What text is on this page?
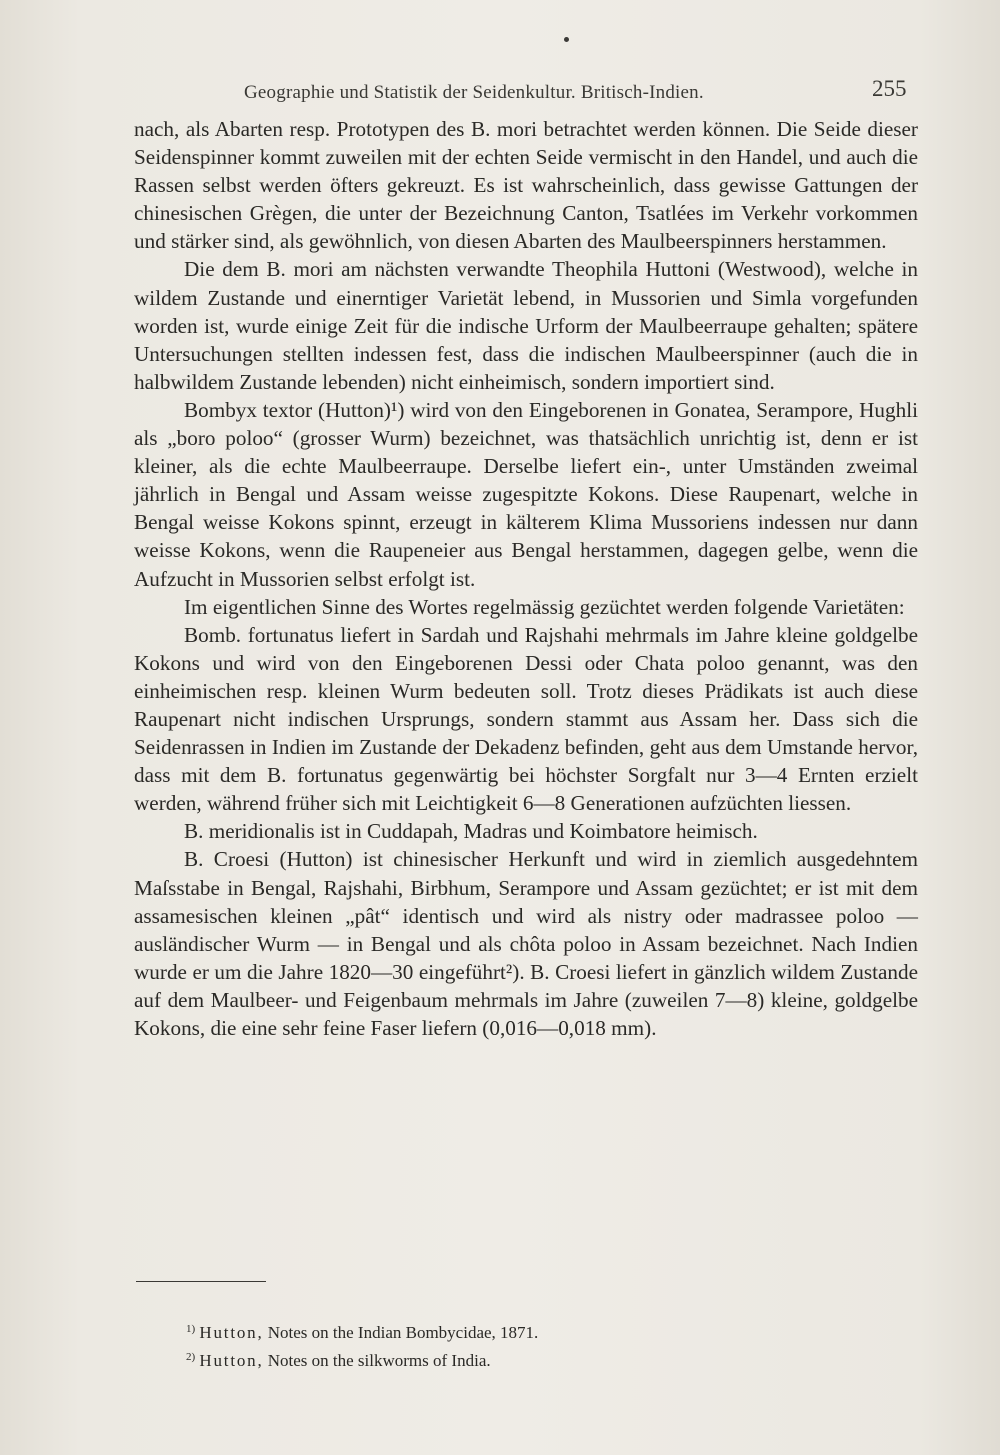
Geographie und Statistik der Seidenkultur. Britisch-Indien.	255

nach, als Abarten resp. Prototypen des B. mori betrachtet werden können. Die Seide dieser Seidenspinner kommt zuweilen mit der echten Seide vermischt in den Handel, und auch die Rassen selbst werden öfters gekreuzt. Es ist wahrscheinlich, dass gewisse Gattungen der chinesischen Grègen, die unter der Bezeichnung Canton, Tsatlées im Verkehr vorkommen und stärker sind, als gewöhnlich, von diesen Abarten des Maulbeerspinners herstammen.

Die dem B. mori am nächsten verwandte Theophila Huttoni (Westwood), welche in wildem Zustande und einerntiger Varietät lebend, in Mussorien und Simla vorgefunden worden ist, wurde einige Zeit für die indische Urform der Maulbeerraupe gehalten; spätere Untersuchungen stellten indessen fest, dass die indischen Maulbeerspinner (auch die in halbwildem Zustande lebenden) nicht einheimisch, sondern importiert sind.

Bombyx textor (Hutton)¹) wird von den Eingeborenen in Gonatea, Serampore, Hughli als „boro poloo“ (grosser Wurm) bezeichnet, was thatsächlich unrichtig ist, denn er ist kleiner, als die echte Maulbeerraupe. Derselbe liefert ein-, unter Umständen zweimal jährlich in Bengal und Assam weisse zugespitzte Kokons. Diese Raupenart, welche in Bengal weisse Kokons spinnt, erzeugt in kälterem Klima Mussoriens indessen nur dann weisse Kokons, wenn die Raupeneier aus Bengal herstammen, dagegen gelbe, wenn die Aufzucht in Mussorien selbst erfolgt ist.

Im eigentlichen Sinne des Wortes regelmässig gezüchtet werden folgende Varietäten:

Bomb. fortunatus liefert in Sardah und Rajshahi mehrmals im Jahre kleine goldgelbe Kokons und wird von den Eingeborenen Dessi oder Chata poloo genannt, was den einheimischen resp. kleinen Wurm bedeuten soll. Trotz dieses Prädikats ist auch diese Raupenart nicht indischen Ursprungs, sondern stammt aus Assam her. Dass sich die Seidenrassen in Indien im Zustande der Dekadenz befinden, geht aus dem Umstande hervor, dass mit dem B. fortunatus gegenwärtig bei höchster Sorgfalt nur 3—4 Ernten erzielt werden, während früher sich mit Leichtigkeit 6—8 Generationen aufzüchten liessen.

B. meridionalis ist in Cuddapah, Madras und Koimbatore heimisch.

B. Croesi (Hutton) ist chinesischer Herkunft und wird in ziemlich ausgedehntem Maſsstabe in Bengal, Rajshahi, Birbhum, Serampore und Assam gezüchtet; er ist mit dem assamesischen kleinen „pât“ identisch und wird als nistry oder madrassee poloo — ausländischer Wurm — in Bengal und als chôta poloo in Assam bezeichnet. Nach Indien wurde er um die Jahre 1820—30 eingeführt²). B. Croesi liefert in gänzlich wildem Zustande auf dem Maulbeer- und Feigenbaum mehrmals im Jahre (zuweilen 7—8) kleine, goldgelbe Kokons, die eine sehr feine Faser liefern (0,016—0,018 mm).

$^{1)}$ Hutton, Notes on the Indian Bombycidae, 1871.

$^{2)}$ Hutton, Notes on the silkworms of India.
